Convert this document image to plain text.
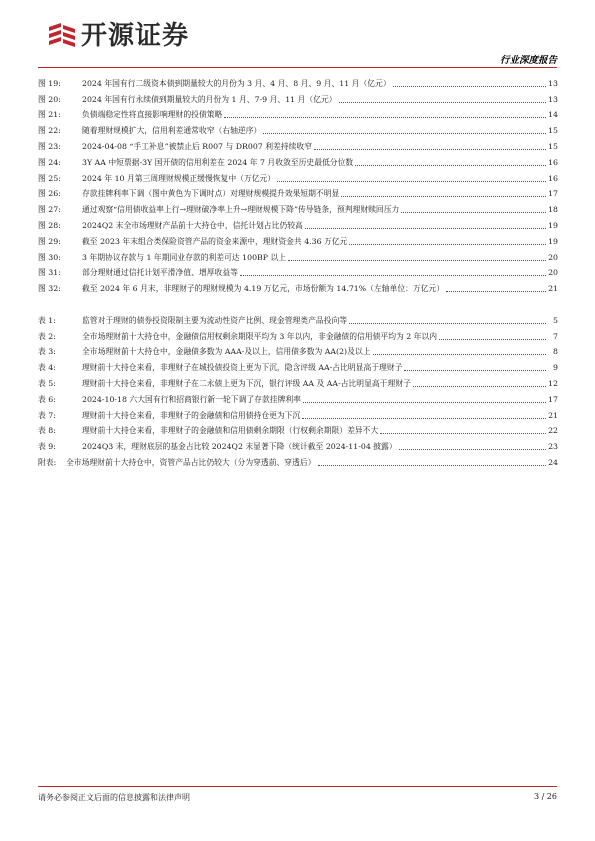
开源证券
行业深度报告
图 19:	2024 年国有行二级资本债到期量较大的月份为 3 月、4 月、8 月、9 月、11 月（亿元）	13
图 20:	2024 年国有行永续债到期量较大的月份为 1 月、7-9 月、11 月（亿元）	13
图 21:	负债端稳定性将直接影响理财的投债策略	14
图 22:	随着理财规模扩大，信用利差通常收窄（右轴逆序）	15
图 23:	2024-04-08 “手工补息”被禁止后 R007 与 DR007 利差持续收窄	15
图 24:	3Y AA 中短票据-3Y 国开债的信用利差在 2024 年 7 月收敛至历史最低分位数	16
图 25:	2024 年 10 月第三周理财规模正缓慢恢复中（万亿元）	16
图 26:	存款挂牌利率下调（图中黄色为下调时点）对理财规模提升效果短期不明显	17
图 27:	通过观察“信用债收益率上行→理财破净率上升→理财规模下降”传导链条，预判理财赎回压力	18
图 28:	2024Q2 末全市场理财产品前十大持仓中，信托计划占比仍较高	19
图 29:	截至 2023 年末组合类保险资管产品的资金来源中，理财资金共 4.36 万亿元	19
图 30:	3 年期协议存款与 1 年期同业存款的利差可达 100BP 以上	20
图 31:	部分理财通过信托计划平滑净值、增厚收益等	20
图 32:	截至 2024 年 6 月末，非理财子的理财规模为 4.19 万亿元，市场份额为 14.71%（左轴单位：万亿元）	21
表 1:	监管对于理财的债券投资限制主要为流动性资产比例、现金管理类产品投向等	5
表 2:	全市场理财前十大持仓中，金融债信用权剩余期限平均为 3 年以内，非金融债的信用债平均为 2 年以内	7
表 3:	全市场理财前十大持仓中，金融债多数为 AAA-及以上，信用债多数为 AA(2)及以上	8
表 4:	理财前十大持仓来看，非理财子在城投债投资上更为下沉，隐含评级 AA-占比明显高于理财子	9
表 5:	理财前十大持仓来看，非理财子在二永债上更为下沉，银行评级 AA 及 AA-占比明显高于理财子	12
表 6:	2024-10-18 六大国有行和招商银行新一轮下调了存款挂牌利率	17
表 7:	理财前十大持仓来看，非理财子的金融债和信用债持仓更为下沉	21
表 8:	理财前十大持仓来看，非理财子的金融债和信用债剩余期限（行权剩余期限）差异不大	22
表 9:	2024Q3 末，理财底层的基金占比较 2024Q2 末显著下降（统计截至 2024-11-04 披露）	23
附表:	全市场理财前十大持仓中，资管产品占比仍较大（分为穿透前、穿透后）	24
请务必参阅正文后面的信息披露和法律声明	3 / 26
